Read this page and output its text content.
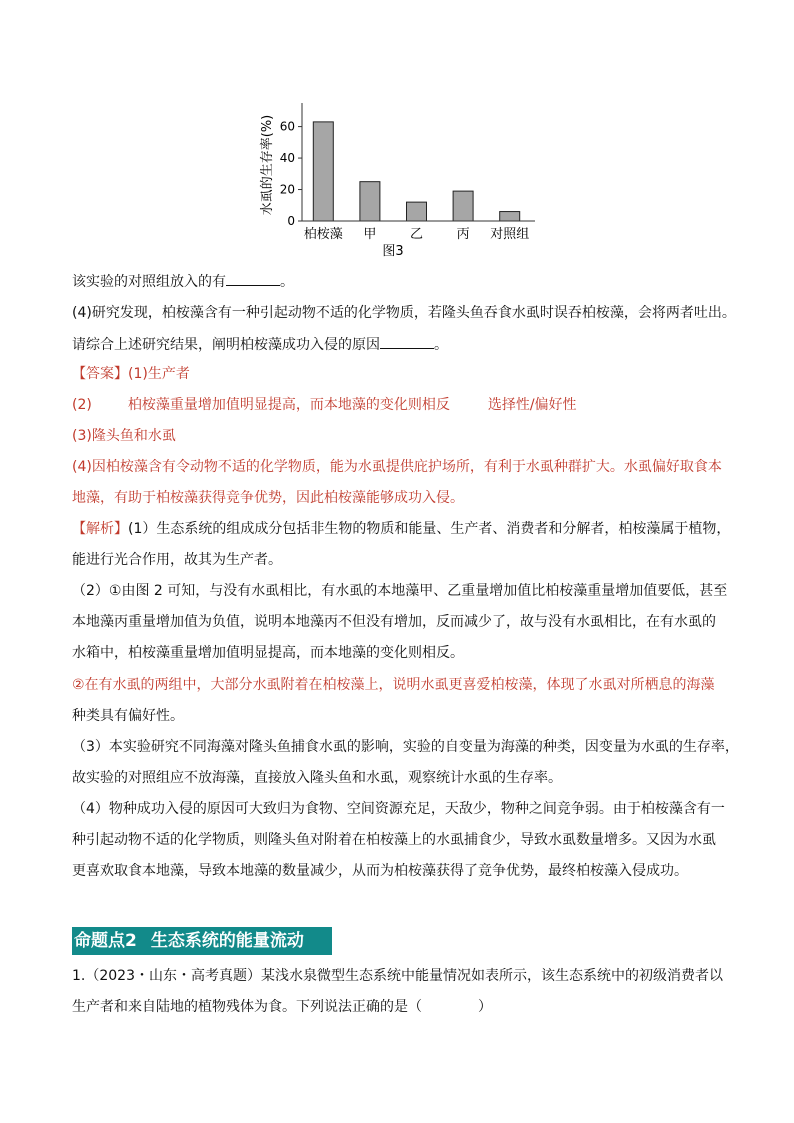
水虱的生存率(%)
0
20
40
60
柏桉藻 甲	乙	丙 对照组
图3
该实验的对照组放入的有	。
(4)研究发现，柏桉藻含有一种引起动物不适的化学物质，若隆头鱼吞食水虱时误吞柏桉藻，会将两者吐出。
请综合上述研究结果，阐明柏桉藻成功入侵的原因	。
【答案】(1)生产者
(2)	柏桉藻重量增加值明显提高，而本地藻的变化则相反	选择性/偏好性
(3)隆头鱼和水虱
(4)因柏桉藻含有令动物不适的化学物质，能为水虱提供庇护场所，有利于水虱种群扩大。水虱偏好取食本
地藻，有助于柏桉藻获得竞争优势，因此柏桉藻能够成功入侵。
【解析】(1）生态系统的组成成分包括非生物的物质和能量、生产者、消费者和分解者，柏桉藻属于植物，
能进行光合作用，故其为生产者。
（2）①由图 2 可知，与没有水虱相比，有水虱的本地藻甲、乙重量增加值比柏桉藻重量增加值要低，甚至
本地藻丙重量增加值为负值，说明本地藻丙不但没有增加，反而减少了，故与没有水虱相比，在有水虱的
水箱中，柏桉藻重量增加值明显提高，而本地藻的变化则相反。
②在有水虱的两组中，大部分水虱附着在柏桉藻上，说明水虱更喜爱柏桉藻，体现了水虱对所栖息的海藻
种类具有偏好性。
（3）本实验研究不同海藻对隆头鱼捕食水虱的影响，实验的自变量为海藻的种类，因变量为水虱的生存率，
故实验的对照组应不放海藻，直接放入隆头鱼和水虱，观察统计水虱的生存率。
（4）物种成功入侵的原因可大致归为食物、空间资源充足，天敌少，物种之间竞争弱。由于柏桉藻含有一
种引起动物不适的化学物质，则隆头鱼对附着在柏桉藻上的水虱捕食少，导致水虱数量增多。又因为水虱
更喜欢取食本地藻，导致本地藻的数量减少，从而为柏桉藻获得了竞争优势，最终柏桉藻入侵成功。
命题点2 生态系统的能量流动
1.（2023・山东・高考真题）某浅水泉微型生态系统中能量情况如表所示，该生态系统中的初级消费者以
生产者和来自陆地的植物残体为食。下列说法正确的是（　　　　）
